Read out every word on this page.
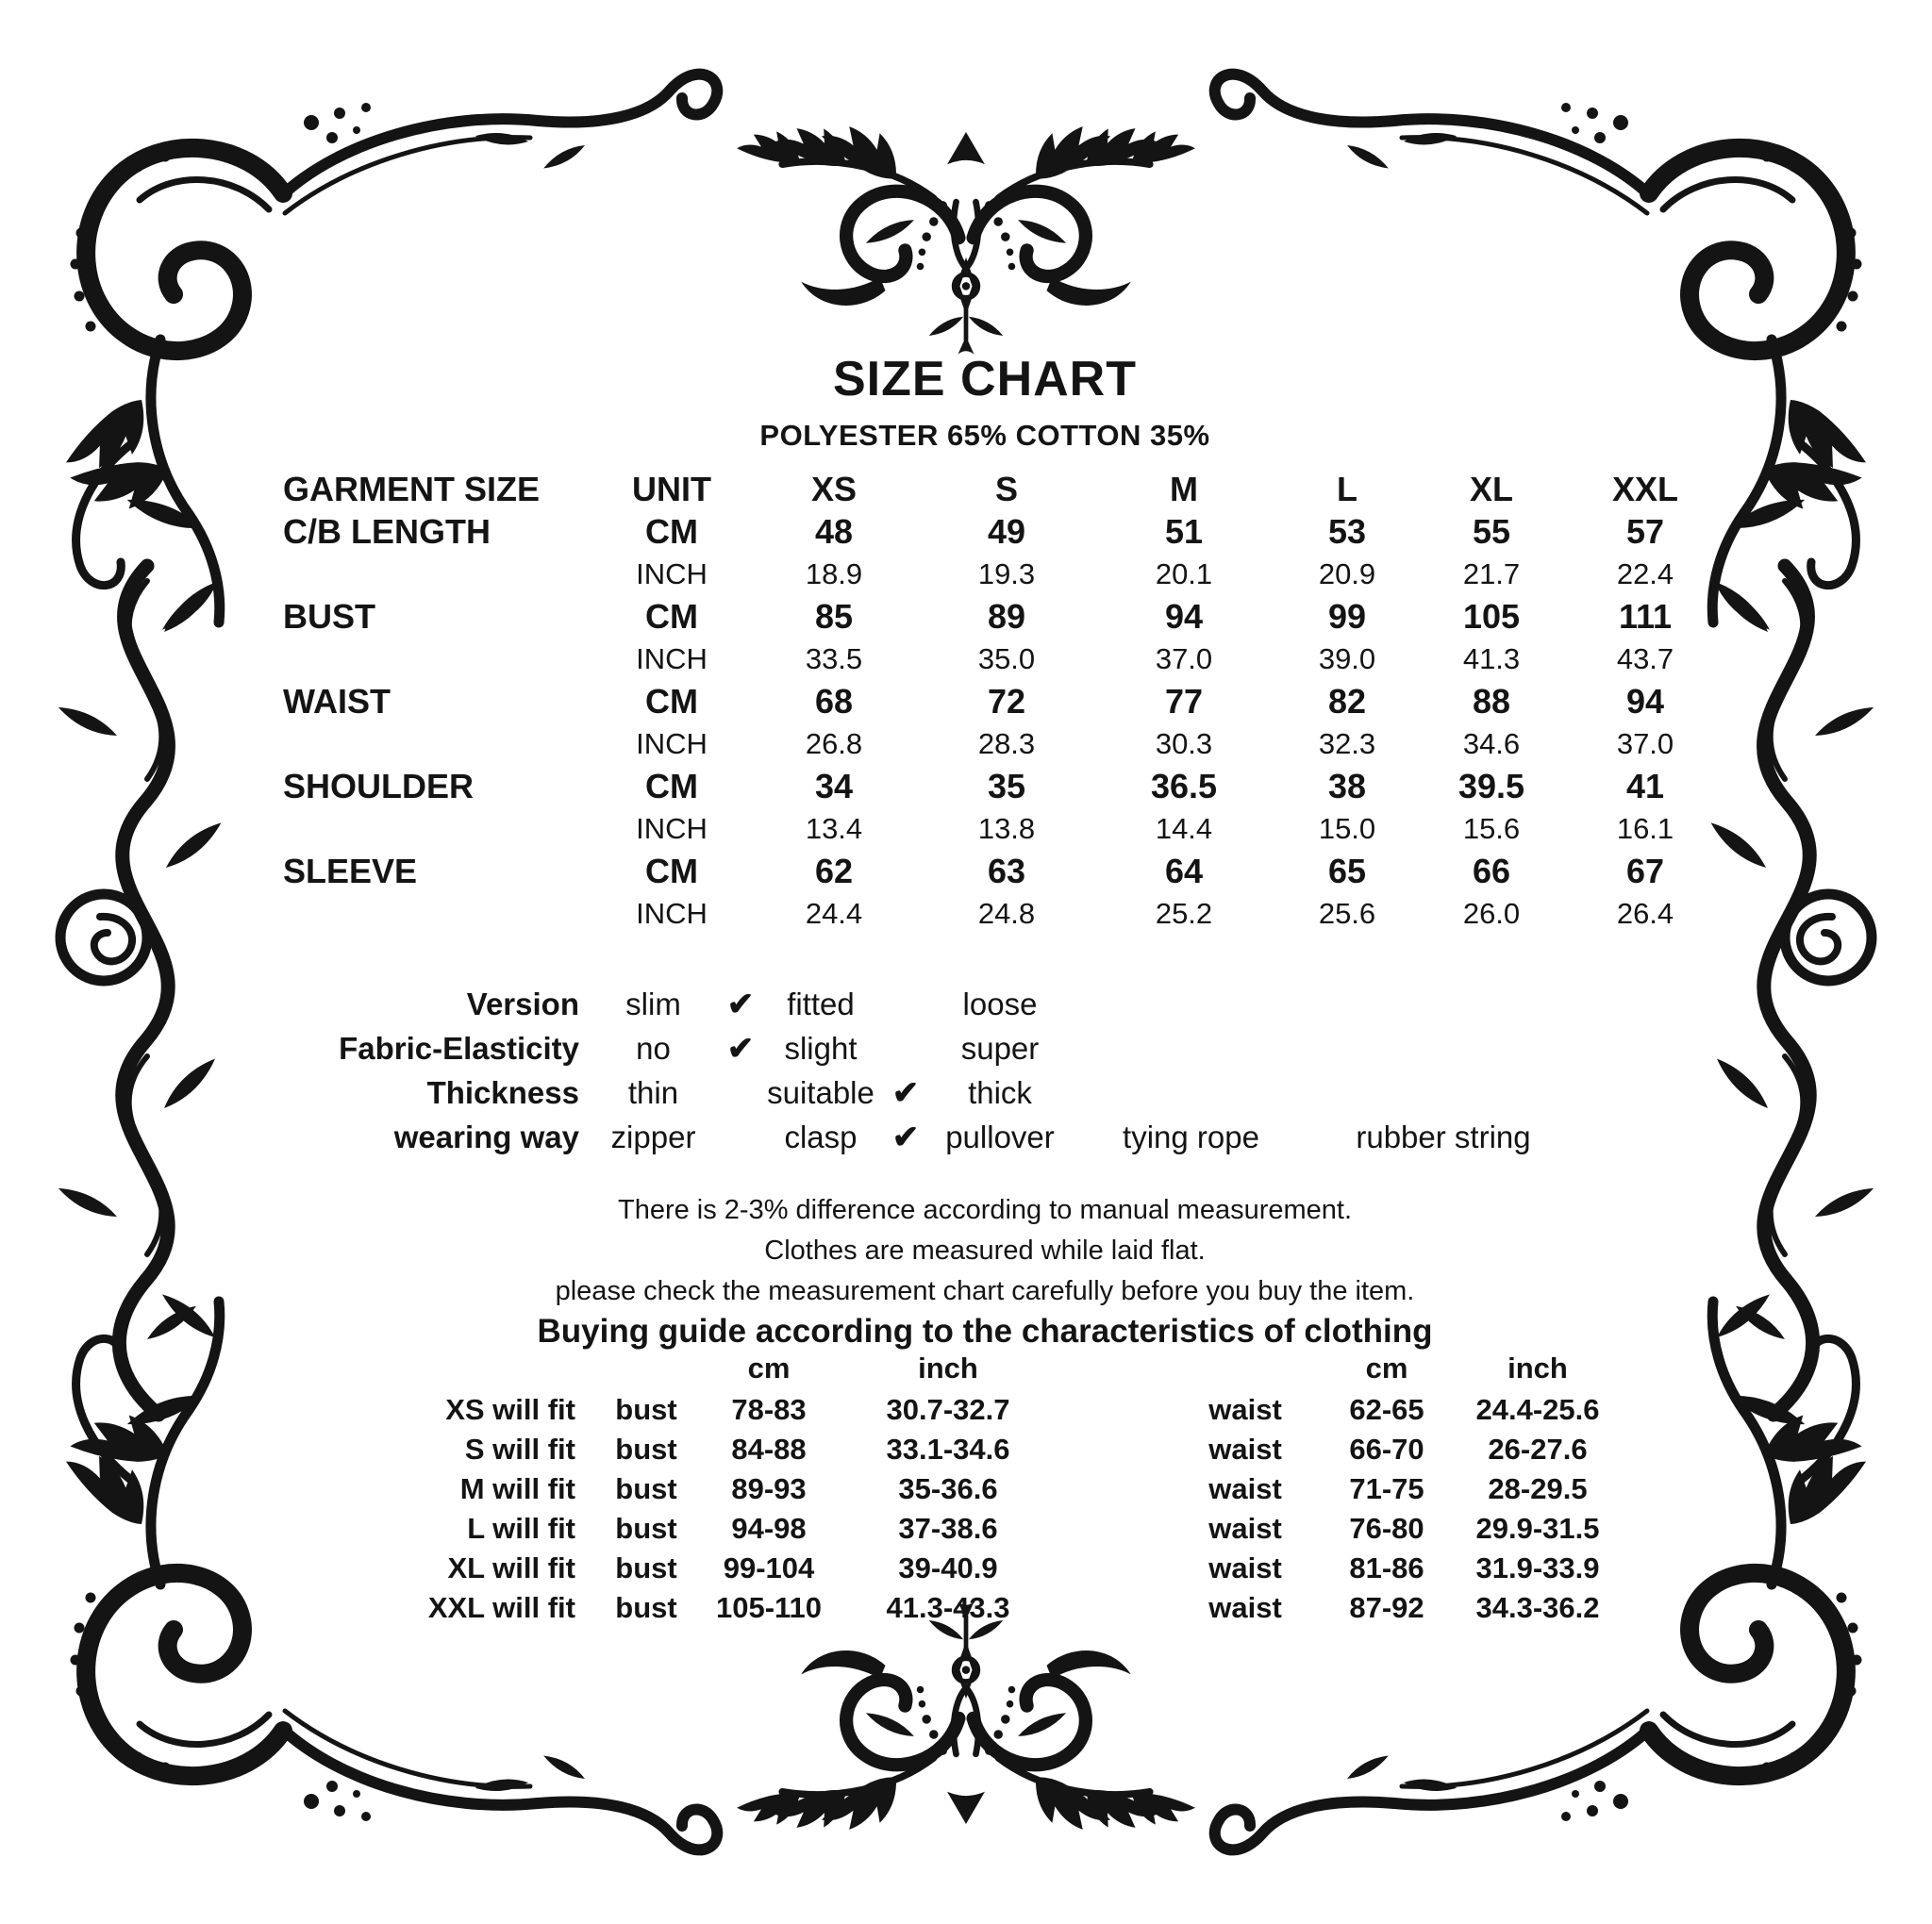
SIZE CHART
POLYESTER 65% COTTON 35%
GARMENT SIZE	UNIT	XS	S	M	L	XL	XXL
C/B LENGTH	CM	48	49	51	53	55	57
INCH	18.9	19.3	20.1	20.9	21.7	22.4
BUST	CM	85	89	94	99	105	111
INCH	33.5	35.0	37.0	39.0	41.3	43.7
WAIST	CM	68	72	77	82	88	94
INCH	26.8	28.3	30.3	32.3	34.6	37.0
SHOULDER	CM	34	35	36.5	38	39.5	41
INCH	13.4	13.8	14.4	15.0	15.6	16.1
SLEEVE	CM	62	63	64	65	66	67
INCH	24.4	24.8	25.2	25.6	26.0	26.4
Version	slim	✔	fitted	loose
Fabric-Elasticity	no	✔ slight	super
Thickness	thin	suitable ✔	thick
wearing way	zipper	clasp	✔ pullover	tying rope	rubber string
There is 2-3% difference according to manual measurement.
Clothes are measured while laid flat.
please check the measurement chart carefully before you buy the item.
Buying guide according to the characteristics of clothing
cm	inch	cm	inch
XS will fit	bust	78-83	30.7-32.7	waist	62-65	24.4-25.6
S will fit	bust	84-88	33.1-34.6	waist	66-70	26-27.6
M will fit	bust	89-93	35-36.6	waist	71-75	28-29.5
L will fit	bust	94-98	37-38.6	waist	76-80	29.9-31.5
XL will fit	bust	99-104	39-40.9	waist	81-86	31.9-33.9
XXL will fit	bust	105-110	41.3-43.3	waist	87-92	34.3-36.2
